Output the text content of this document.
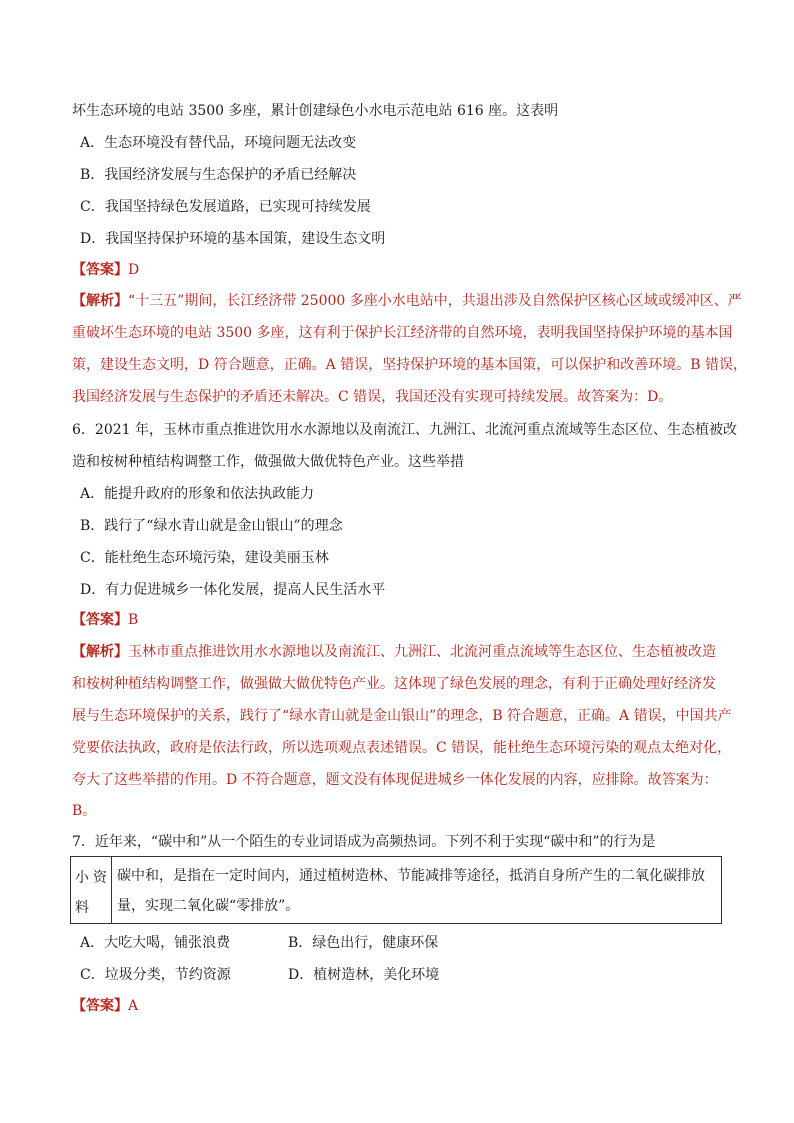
坏生态环境的电站 3500 多座，累计创建绿色小水电示范电站 616 座。这表明
A．生态环境没有替代品，环境问题无法改变
B．我国经济发展与生态保护的矛盾已经解决
C．我国坚持绿色发展道路，已实现可持续发展
D．我国坚持保护环境的基本国策，建设生态文明
【答案】D
【解析】“十三五”期间，长江经济带 25000 多座小水电站中，共退出涉及自然保护区核心区域或缓冲区、严
重破坏生态环境的电站 3500 多座，这有利于保护长江经济带的自然环境，表明我国坚持保护环境的基本国
策，建设生态文明，D 符合题意，正确。A 错误，坚持保护环境的基本国策，可以保护和改善环境。B 错误，
我国经济发展与生态保护的矛盾还未解决。C 错误，我国还没有实现可持续发展。故答案为：D。
6．2021 年，玉林市重点推进饮用水水源地以及南流江、九洲江、北流河重点流域等生态区位、生态植被改
造和桉树种植结构调整工作，做强做大做优特色产业。这些举措
A．能提升政府的形象和依法执政能力
B．践行了“绿水青山就是金山银山”的理念
C．能杜绝生态环境污染，建设美丽玉林
D．有力促进城乡一体化发展，提高人民生活水平
【答案】B
【解析】玉林市重点推进饮用水水源地以及南流江、九洲江、北流河重点流域等生态区位、生态植被改造
和桉树种植结构调整工作，做强做大做优特色产业。这体现了绿色发展的理念，有利于正确处理好经济发
展与生态环境保护的关系，践行了“绿水青山就是金山银山”的理念，B 符合题意，正确。A 错误，中国共产
党要依法执政，政府是依法行政，所以选项观点表述错误。C 错误，能杜绝生态环境污染的观点太绝对化，
夸大了这些举措的作用。D 不符合题意，题文没有体现促进城乡一体化发展的内容，应排除。故答案为：
B。
7．近年来，“碳中和”从一个陌生的专业词语成为高频热词。下列不利于实现“碳中和”的行为是
小 资
料
碳中和，是指在一定时间内，通过植树造林、节能减排等途径，抵消自身所产生的二氧化碳排放量，实现二氧化碳“零排放”。
A．大吃大喝，铺张浪费	B．绿色出行，健康环保
C．垃圾分类，节约资源	D．植树造林，美化环境
【答案】A
